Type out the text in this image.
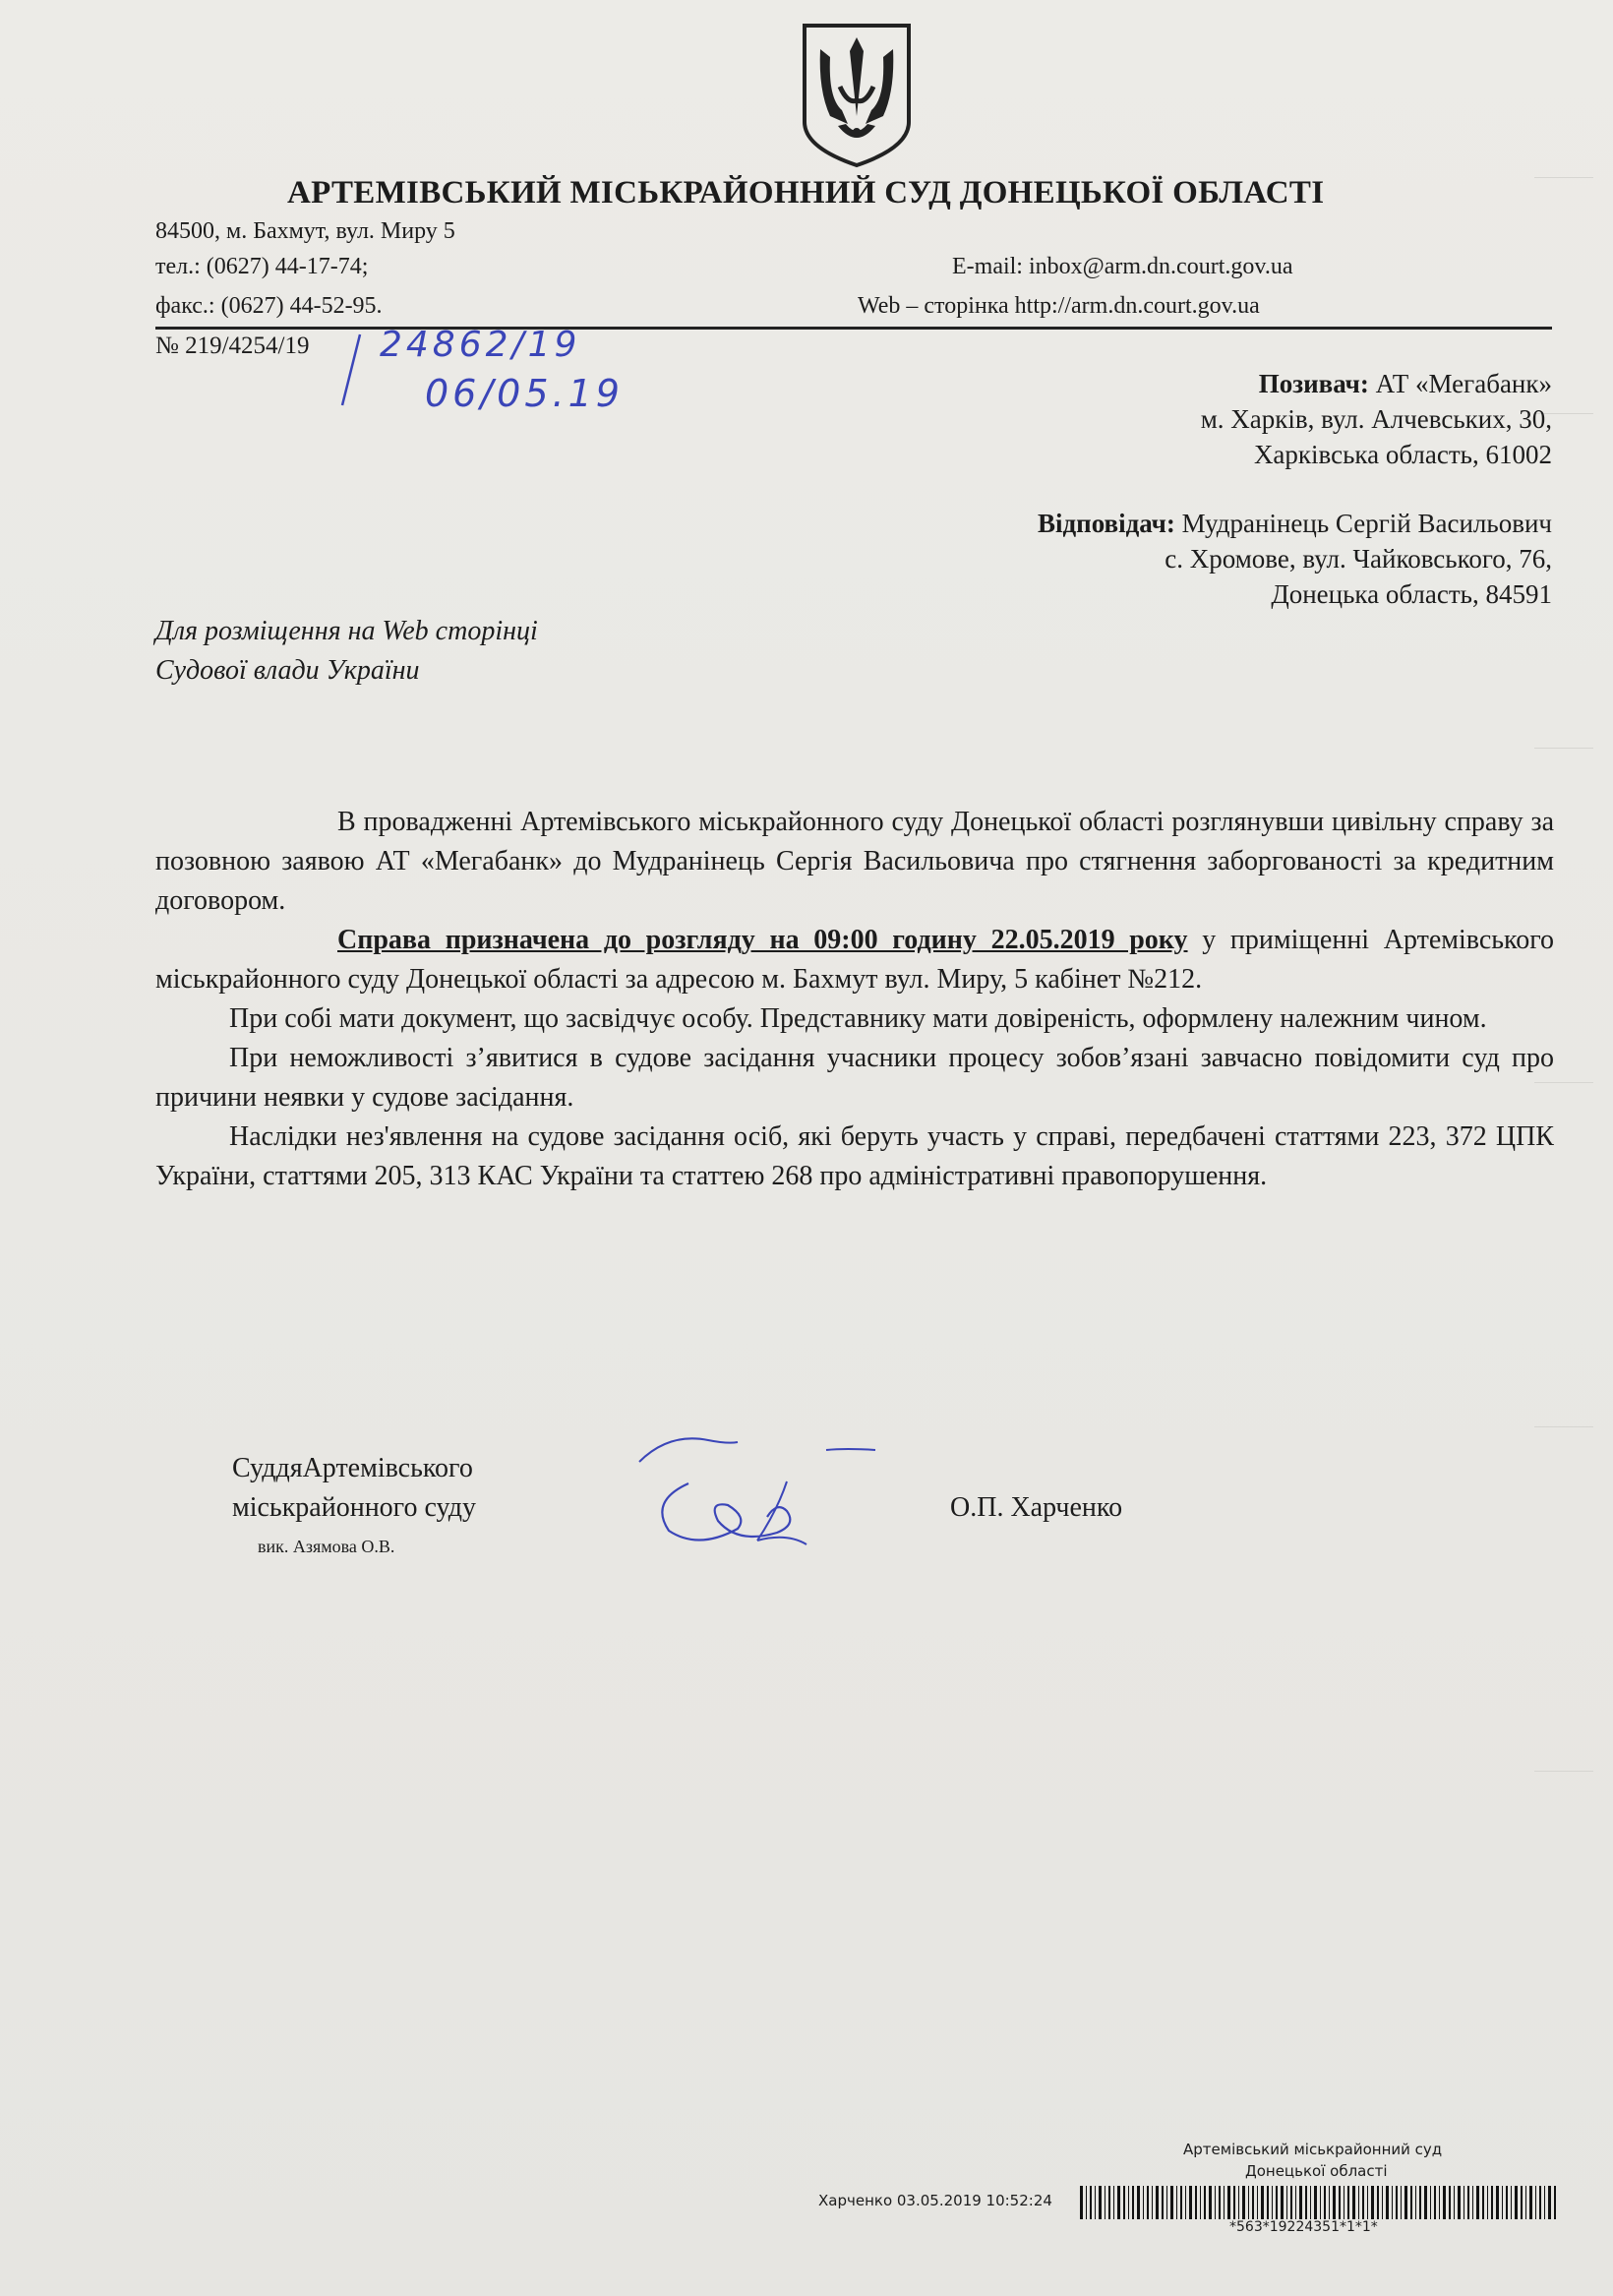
АРТЕМІВСЬКИЙ МІСЬКРАЙОННИЙ СУД ДОНЕЦЬКОЇ ОБЛАСТІ
84500, м. Бахмут, вул. Миру 5
тел.: (0627) 44-17-74;	E-mail: inbox@arm.dn.court.gov.ua
факс.: (0627) 44-52-95.	Web – сторінка http://arm.dn.court.gov.ua
№ 219/4254/19 24862/19
06/05.19	Позивач: АТ «Мегабанк»
м. Харків, вул. Алчевських, 30,
Харківська область, 61002
Відповідач: Мудранінець Сергій Васильович
с. Хромове, вул. Чайковського, 76,
Донецька область, 84591
Для розміщення на Web сторінці
Судової влади України

В провадженні Артемівського міськрайонного суду Донецької області розглянувши цивільну справу за позовною заявою АТ «Мегабанк» до Мудранінець Сергія Васильовича про стягнення заборгованості за кредитним договором.

Справа призначена до розгляду на 09:00 годину 22.05.2019 року у приміщенні Артемівського міськрайонного суду Донецької області за адресою м. Бахмут вул. Миру, 5 кабінет №212.

При собі мати документ, що засвідчує особу. Представнику мати довіреність, оформлену належним чином.

При неможливості з’явитися в судове засідання учасники процесу зобов’язані завчасно повідомити суд про причини неявки у судове засідання.

Наслідки нез'явлення на судове засідання осіб, які беруть участь у справі, передбачені статтями 223, 372 ЦПК України, статтями 205, 313 КАС України та статтею 268 про адміністративні правопорушення.

СуддяАртемівського
міськрайонного суду
вик. Азямова О.В.
О.П. Харченко
Артемівський міськрайонний суд
Донецької області
Харченко 03.05.2019 10:52:24
*563*19224351*1*1*
